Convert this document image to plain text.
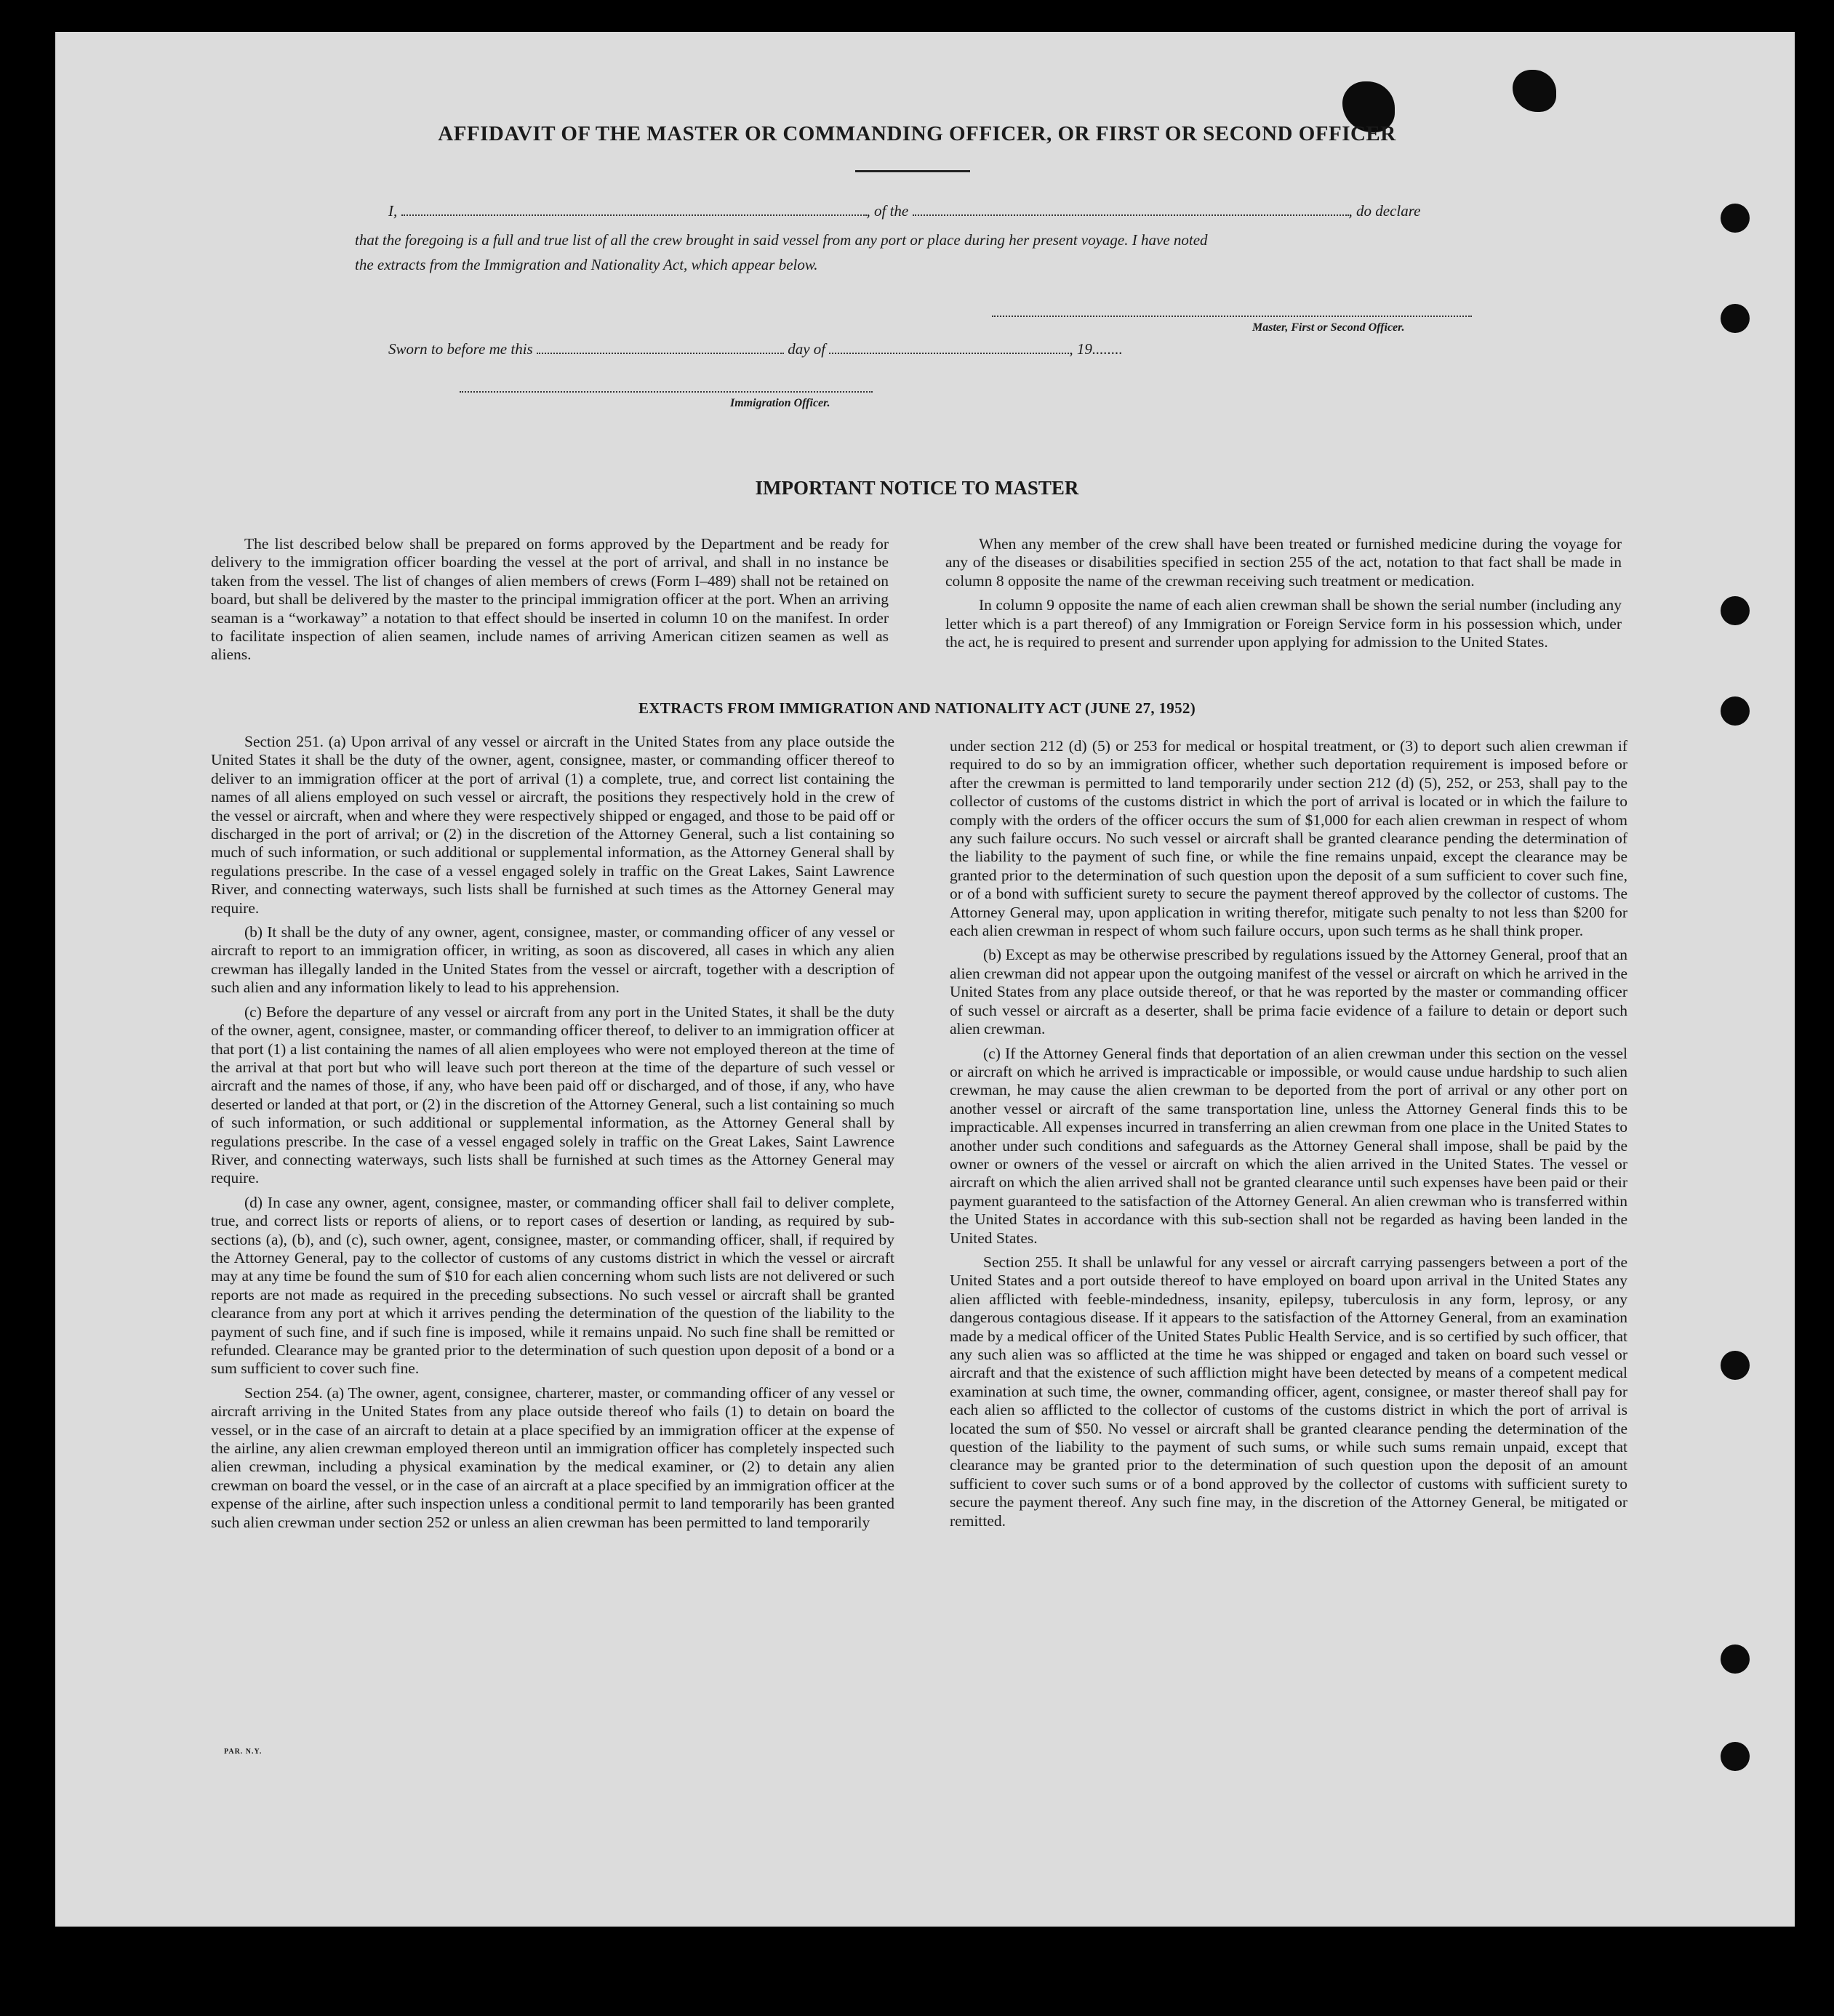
AFFIDAVIT OF THE MASTER OR COMMANDING OFFICER, OR FIRST OR SECOND OFFICER
I,	, of the	, do declare
that the foregoing is a full and true list of all the crew brought in said vessel from any port or place during her present voyage. I have noted
the extracts from the Immigration and Nationality Act, which appear below.
Master, First or Second Officer.
Sworn to before me this	day of	, 19........
Immigration Officer.
IMPORTANT NOTICE TO MASTER

The list described below shall be prepared on forms approved by the Department and be ready for delivery to the immigration officer boarding the vessel at the port of arrival, and shall in no instance be taken from the vessel. The list of changes of alien members of crews (Form I–489) shall not be retained on board, but shall be delivered by the master to the principal immigration officer at the port. When an arriving seaman is a “workaway” a notation to that effect should be inserted in column 10 on the manifest. In order to facilitate inspection of alien seamen, include names of arriving American citizen seamen as well as aliens.

When any member of the crew shall have been treated or furnished medicine during the voyage for any of the diseases or disabilities specified in section 255 of the act, notation to that fact shall be made in column 8 opposite the name of the crewman receiving such treatment or medication.

In column 9 opposite the name of each alien crewman shall be shown the serial number (including any letter which is a part thereof) of any Immigration or Foreign Service form in his possession which, under the act, he is required to present and surrender upon applying for admission to the United States.

EXTRACTS FROM IMMIGRATION AND NATIONALITY ACT (JUNE 27, 1952)

Section 251. (a) Upon arrival of any vessel or aircraft in the United States from any place outside the United States it shall be the duty of the owner, agent, consignee, master, or commanding officer thereof to deliver to an immigration officer at the port of arrival (1) a complete, true, and correct list containing the names of all aliens employed on such vessel or aircraft, the positions they respectively hold in the crew of the vessel or aircraft, when and where they were respectively shipped or engaged, and those to be paid off or discharged in the port of arrival; or (2) in the discretion of the Attorney General, such a list containing so much of such information, or such additional or supplemental information, as the Attorney General shall by regulations prescribe. In the case of a vessel engaged solely in traffic on the Great Lakes, Saint Lawrence River, and connecting waterways, such lists shall be furnished at such times as the Attorney General may require.

(b) It shall be the duty of any owner, agent, consignee, master, or commanding officer of any vessel or aircraft to report to an immigration officer, in writing, as soon as discovered, all cases in which any alien crewman has illegally landed in the United States from the vessel or aircraft, together with a description of such alien and any information likely to lead to his apprehension.

(c) Before the departure of any vessel or aircraft from any port in the United States, it shall be the duty of the owner, agent, consignee, master, or commanding officer thereof, to deliver to an immigration officer at that port (1) a list containing the names of all alien employees who were not employed thereon at the time of the arrival at that port but who will leave such port thereon at the time of the departure of such vessel or aircraft and the names of those, if any, who have been paid off or discharged, and of those, if any, who have deserted or landed at that port, or (2) in the discretion of the Attorney General, such a list containing so much of such information, or such additional or supplemental information, as the Attorney General shall by regulations prescribe. In the case of a vessel engaged solely in traffic on the Great Lakes, Saint Lawrence River, and connecting waterways, such lists shall be furnished at such times as the Attorney General may require.

(d) In case any owner, agent, consignee, master, or commanding officer shall fail to deliver complete, true, and correct lists or reports of aliens, or to report cases of desertion or landing, as required by sub-sections (a), (b), and (c), such owner, agent, consignee, master, or commanding officer, shall, if required by the Attorney General, pay to the collector of customs of any customs district in which the vessel or aircraft may at any time be found the sum of $10 for each alien concerning whom such lists are not delivered or such reports are not made as required in the preceding subsections. No such vessel or aircraft shall be granted clearance from any port at which it arrives pending the determination of the question of the liability to the payment of such fine, and if such fine is imposed, while it remains unpaid. No such fine shall be remitted or refunded. Clearance may be granted prior to the determination of such question upon deposit of a bond or a sum sufficient to cover such fine.

Section 254. (a) The owner, agent, consignee, charterer, master, or commanding officer of any vessel or aircraft arriving in the United States from any place outside thereof who fails (1) to detain on board the vessel, or in the case of an aircraft to detain at a place specified by an immigration officer at the expense of the airline, any alien crewman employed thereon until an immigration officer has completely inspected such alien crewman, including a physical examination by the medical examiner, or (2) to detain any alien crewman on board the vessel, or in the case of an aircraft at a place specified by an immigration officer at the expense of the airline, after such inspection unless a conditional permit to land temporarily has been granted such alien crewman under section 252 or unless an alien crewman has been permitted to land temporarily

under section 212 (d) (5) or 253 for medical or hospital treatment, or (3) to deport such alien crewman if required to do so by an immigration officer, whether such deportation requirement is imposed before or after the crewman is permitted to land temporarily under section 212 (d) (5), 252, or 253, shall pay to the collector of customs of the customs district in which the port of arrival is located or in which the failure to comply with the orders of the officer occurs the sum of $1,000 for each alien crewman in respect of whom any such failure occurs. No such vessel or aircraft shall be granted clearance pending the determination of the liability to the payment of such fine, or while the fine remains unpaid, except the clearance may be granted prior to the determination of such question upon the deposit of a sum sufficient to cover such fine, or of a bond with sufficient surety to secure the payment thereof approved by the collector of customs. The Attorney General may, upon application in writing therefor, mitigate such penalty to not less than $200 for each alien crewman in respect of whom such failure occurs, upon such terms as he shall think proper.

(b) Except as may be otherwise prescribed by regulations issued by the Attorney General, proof that an alien crewman did not appear upon the outgoing manifest of the vessel or aircraft on which he arrived in the United States from any place outside thereof, or that he was reported by the master or commanding officer of such vessel or aircraft as a deserter, shall be prima facie evidence of a failure to detain or deport such alien crewman.

(c) If the Attorney General finds that deportation of an alien crewman under this section on the vessel or aircraft on which he arrived is impracticable or impossible, or would cause undue hardship to such alien crewman, he may cause the alien crewman to be deported from the port of arrival or any other port on another vessel or aircraft of the same transportation line, unless the Attorney General finds this to be impracticable. All expenses incurred in transferring an alien crewman from one place in the United States to another under such conditions and safeguards as the Attorney General shall impose, shall be paid by the owner or owners of the vessel or aircraft on which the alien arrived in the United States. The vessel or aircraft on which the alien arrived shall not be granted clearance until such expenses have been paid or their payment guaranteed to the satisfaction of the Attorney General. An alien crewman who is transferred within the United States in accordance with this sub-section shall not be regarded as having been landed in the United States.

Section 255. It shall be unlawful for any vessel or aircraft carrying passengers between a port of the United States and a port outside thereof to have employed on board upon arrival in the United States any alien afflicted with feeble-mindedness, insanity, epilepsy, tuberculosis in any form, leprosy, or any dangerous contagious disease. If it appears to the satisfaction of the Attorney General, from an examination made by a medical officer of the United States Public Health Service, and is so certified by such officer, that any such alien was so afflicted at the time he was shipped or engaged and taken on board such vessel or aircraft and that the existence of such affliction might have been detected by means of a competent medical examination at such time, the owner, commanding officer, agent, consignee, or master thereof shall pay for each alien so afflicted to the collector of customs of the customs district in which the port of arrival is located the sum of $50. No vessel or aircraft shall be granted clearance pending the determination of the question of the liability to the payment of such sums, or while such sums remain unpaid, except that clearance may be granted prior to the determination of such question upon the deposit of an amount sufficient to cover such sums or of a bond approved by the collector of customs with sufficient surety to secure the payment thereof. Any such fine may, in the discretion of the Attorney General, be mitigated or remitted.

PAR. N.Y.
